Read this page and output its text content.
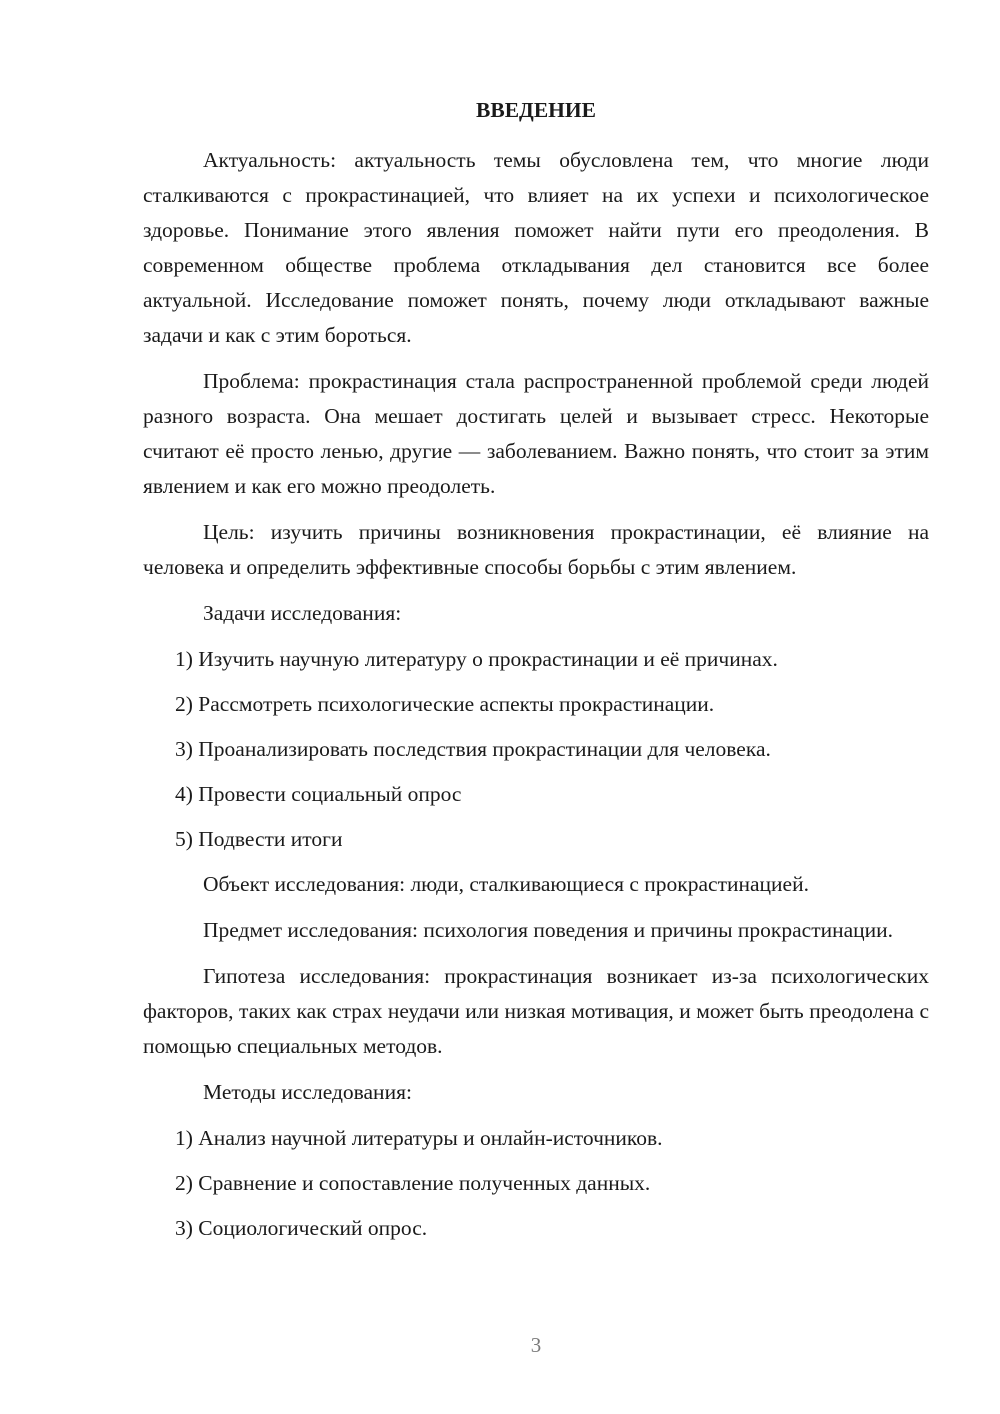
ВВЕДЕНИЕ

Актуальность: актуальность темы обусловлена тем, что многие люди сталкиваются с прокрастинацией, что влияет на их успехи и психологическое здоровье. Понимание этого явления поможет найти пути его преодоления. В современном обществе проблема откладывания дел становится все более актуальной. Исследование поможет понять, почему люди откладывают важные задачи и как с этим бороться.

Проблема: прокрастинация стала распространенной проблемой среди людей разного возраста. Она мешает достигать целей и вызывает стресс. Некоторые считают её просто ленью, другие — заболеванием. Важно понять, что стоит за этим явлением и как его можно преодолеть.

Цель: изучить причины возникновения прокрастинации, её влияние на человека и определить эффективные способы борьбы с этим явлением.

Задачи исследования:

1) Изучить научную литературу о прокрастинации и её причинах.

2) Рассмотреть психологические аспекты прокрастинации.

3) Проанализировать последствия прокрастинации для человека.

4) Провести социальный опрос

5) Подвести итоги

Объект исследования: люди, сталкивающиеся с прокрастинацией.

Предмет исследования: психология поведения и причины прокрастинации.

Гипотеза исследования: прокрастинация возникает из-за психологических факторов, таких как страх неудачи или низкая мотивация, и может быть преодолена с помощью специальных методов.

Методы исследования:

1) Анализ научной литературы и онлайн-источников.

2) Сравнение и сопоставление полученных данных.

3) Социологический опрос.

3
